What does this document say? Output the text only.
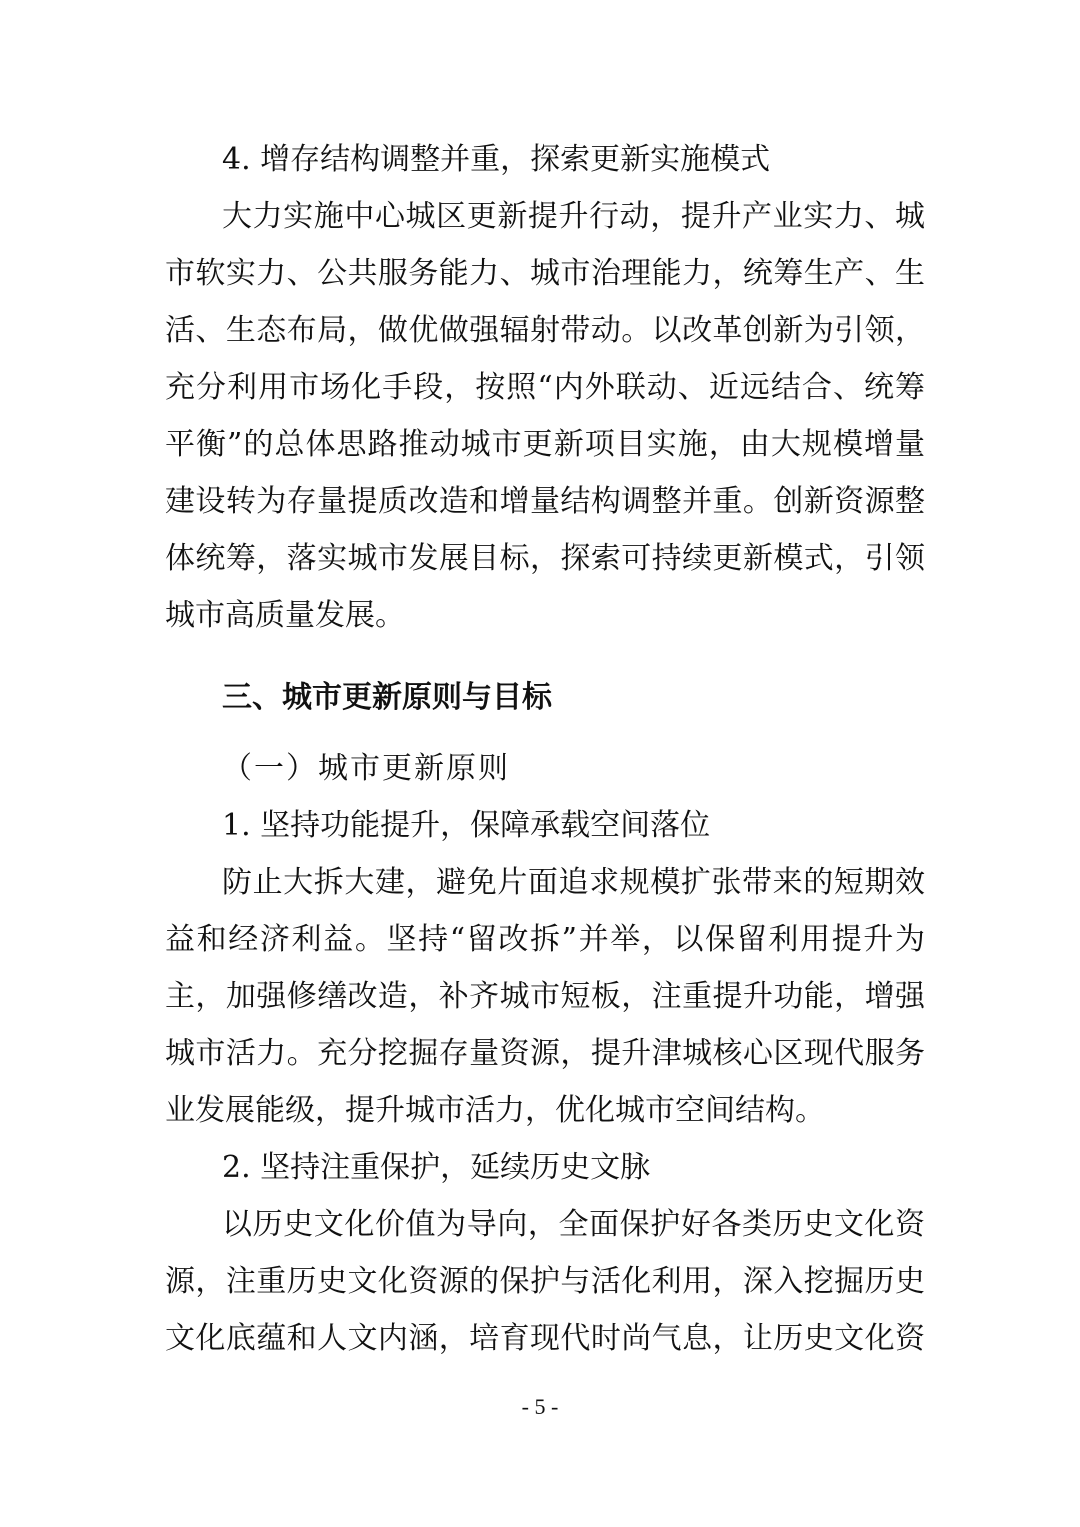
4. 增存结构调整并重，探索更新实施模式
大力实施中心城区更新提升行动，提升产业实力、城
市软实力、公共服务能力、城市治理能力，统筹生产、生
活、生态布局，做优做强辐射带动。以改革创新为引领，
充分利用市场化手段，按照“内外联动、近远结合、统筹
平衡”的总体思路推动城市更新项目实施，由大规模增量
建设转为存量提质改造和增量结构调整并重。创新资源整
体统筹，落实城市发展目标，探索可持续更新模式，引领
城市高质量发展。
三、城市更新原则与目标
（一）城市更新原则
1. 坚持功能提升，保障承载空间落位
防止大拆大建，避免片面追求规模扩张带来的短期效
益和经济利益。坚持“留改拆”并举，以保留利用提升为
主，加强修缮改造，补齐城市短板，注重提升功能，增强
城市活力。充分挖掘存量资源，提升津城核心区现代服务
业发展能级，提升城市活力，优化城市空间结构。
2. 坚持注重保护，延续历史文脉
以历史文化价值为导向，全面保护好各类历史文化资
源，注重历史文化资源的保护与活化利用，深入挖掘历史
文化底蕴和人文内涵，培育现代时尚气息，让历史文化资
- 5 -
